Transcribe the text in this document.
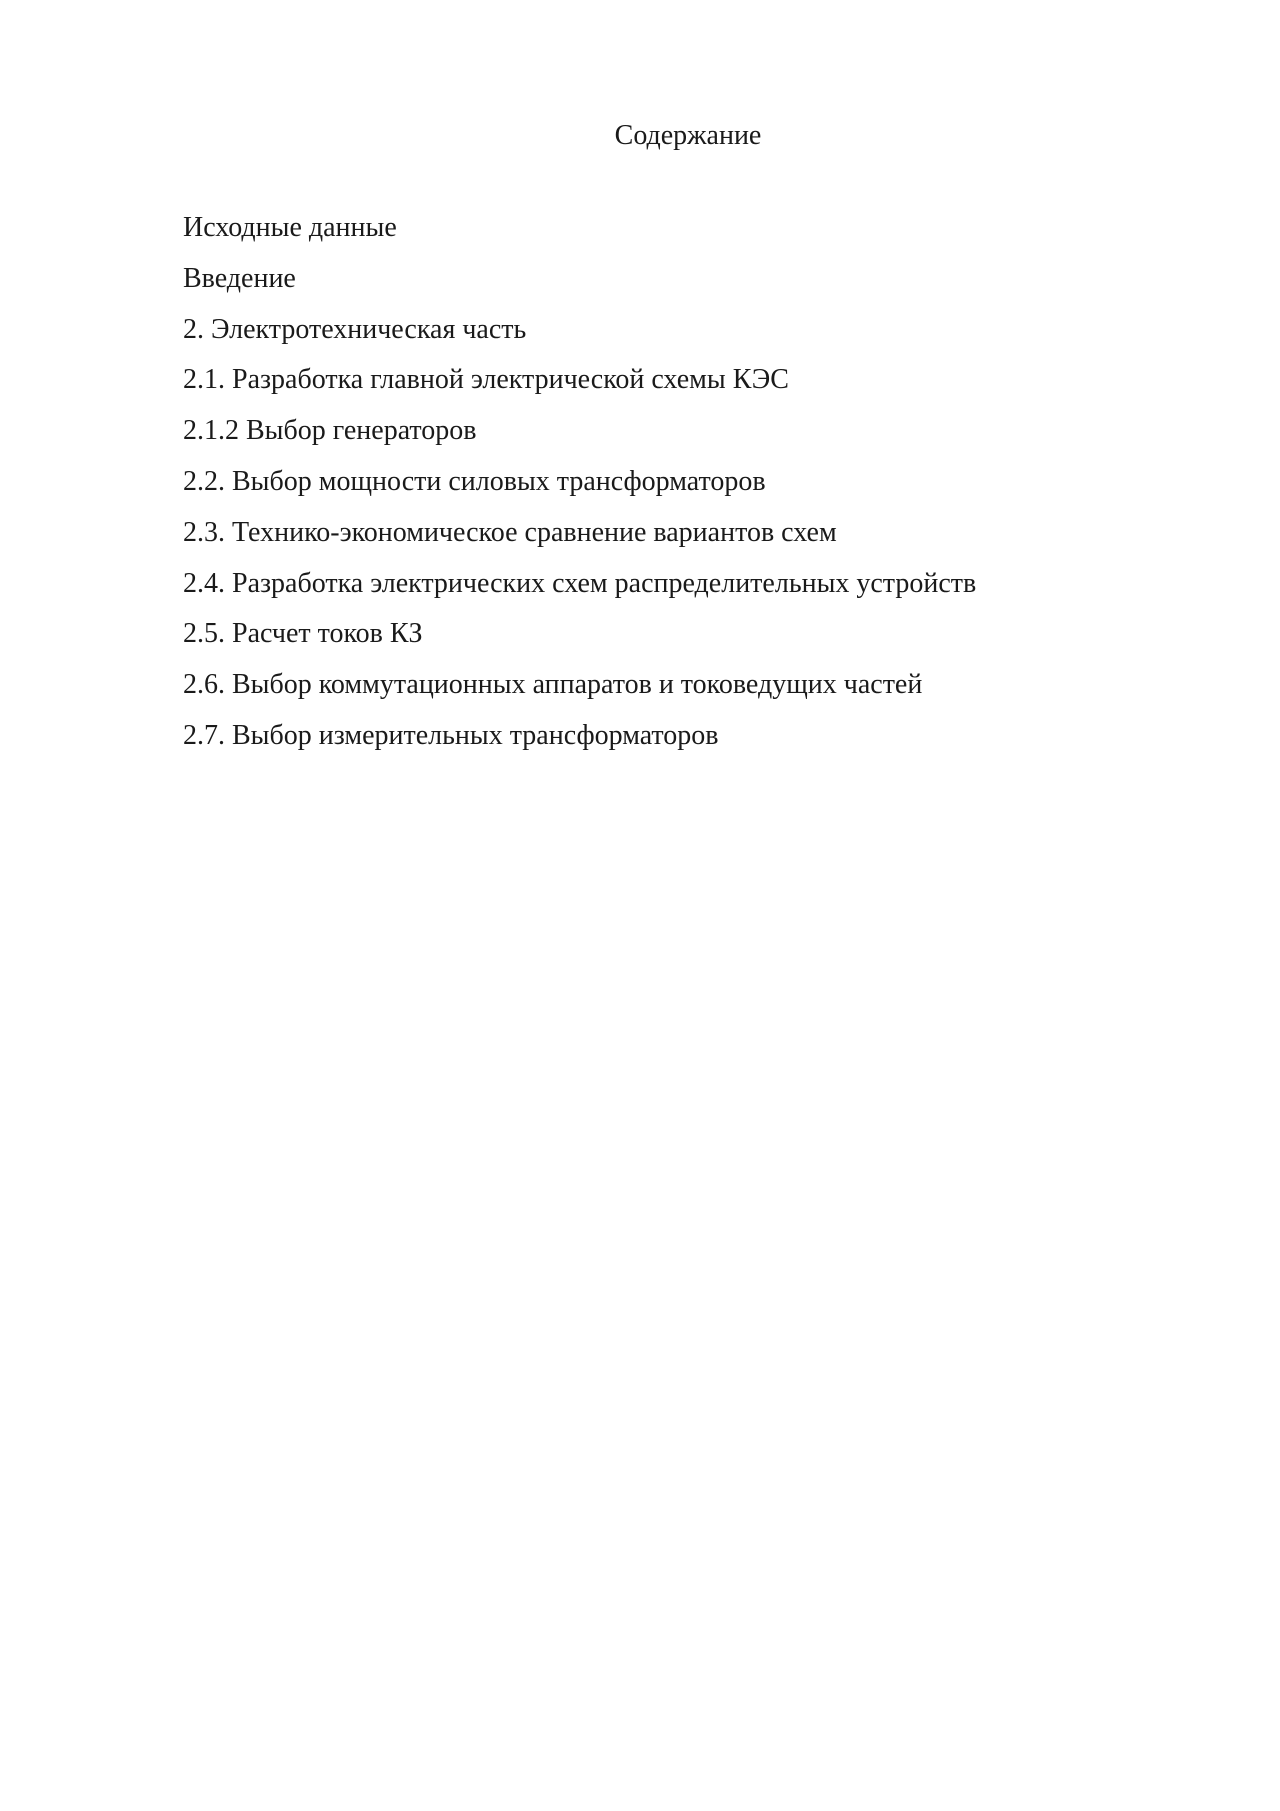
Содержание
Исходные данные
Введение
2. Электротехническая часть
2.1. Разработка главной электрической схемы КЭС
2.1.2 Выбор генераторов
2.2. Выбор мощности силовых трансформаторов
2.3. Технико-экономическое сравнение вариантов схем
2.4. Разработка электрических схем распределительных устройств
2.5. Расчет токов КЗ
2.6. Выбор коммутационных аппаратов и токоведущих частей
2.7. Выбор измерительных трансформаторов
